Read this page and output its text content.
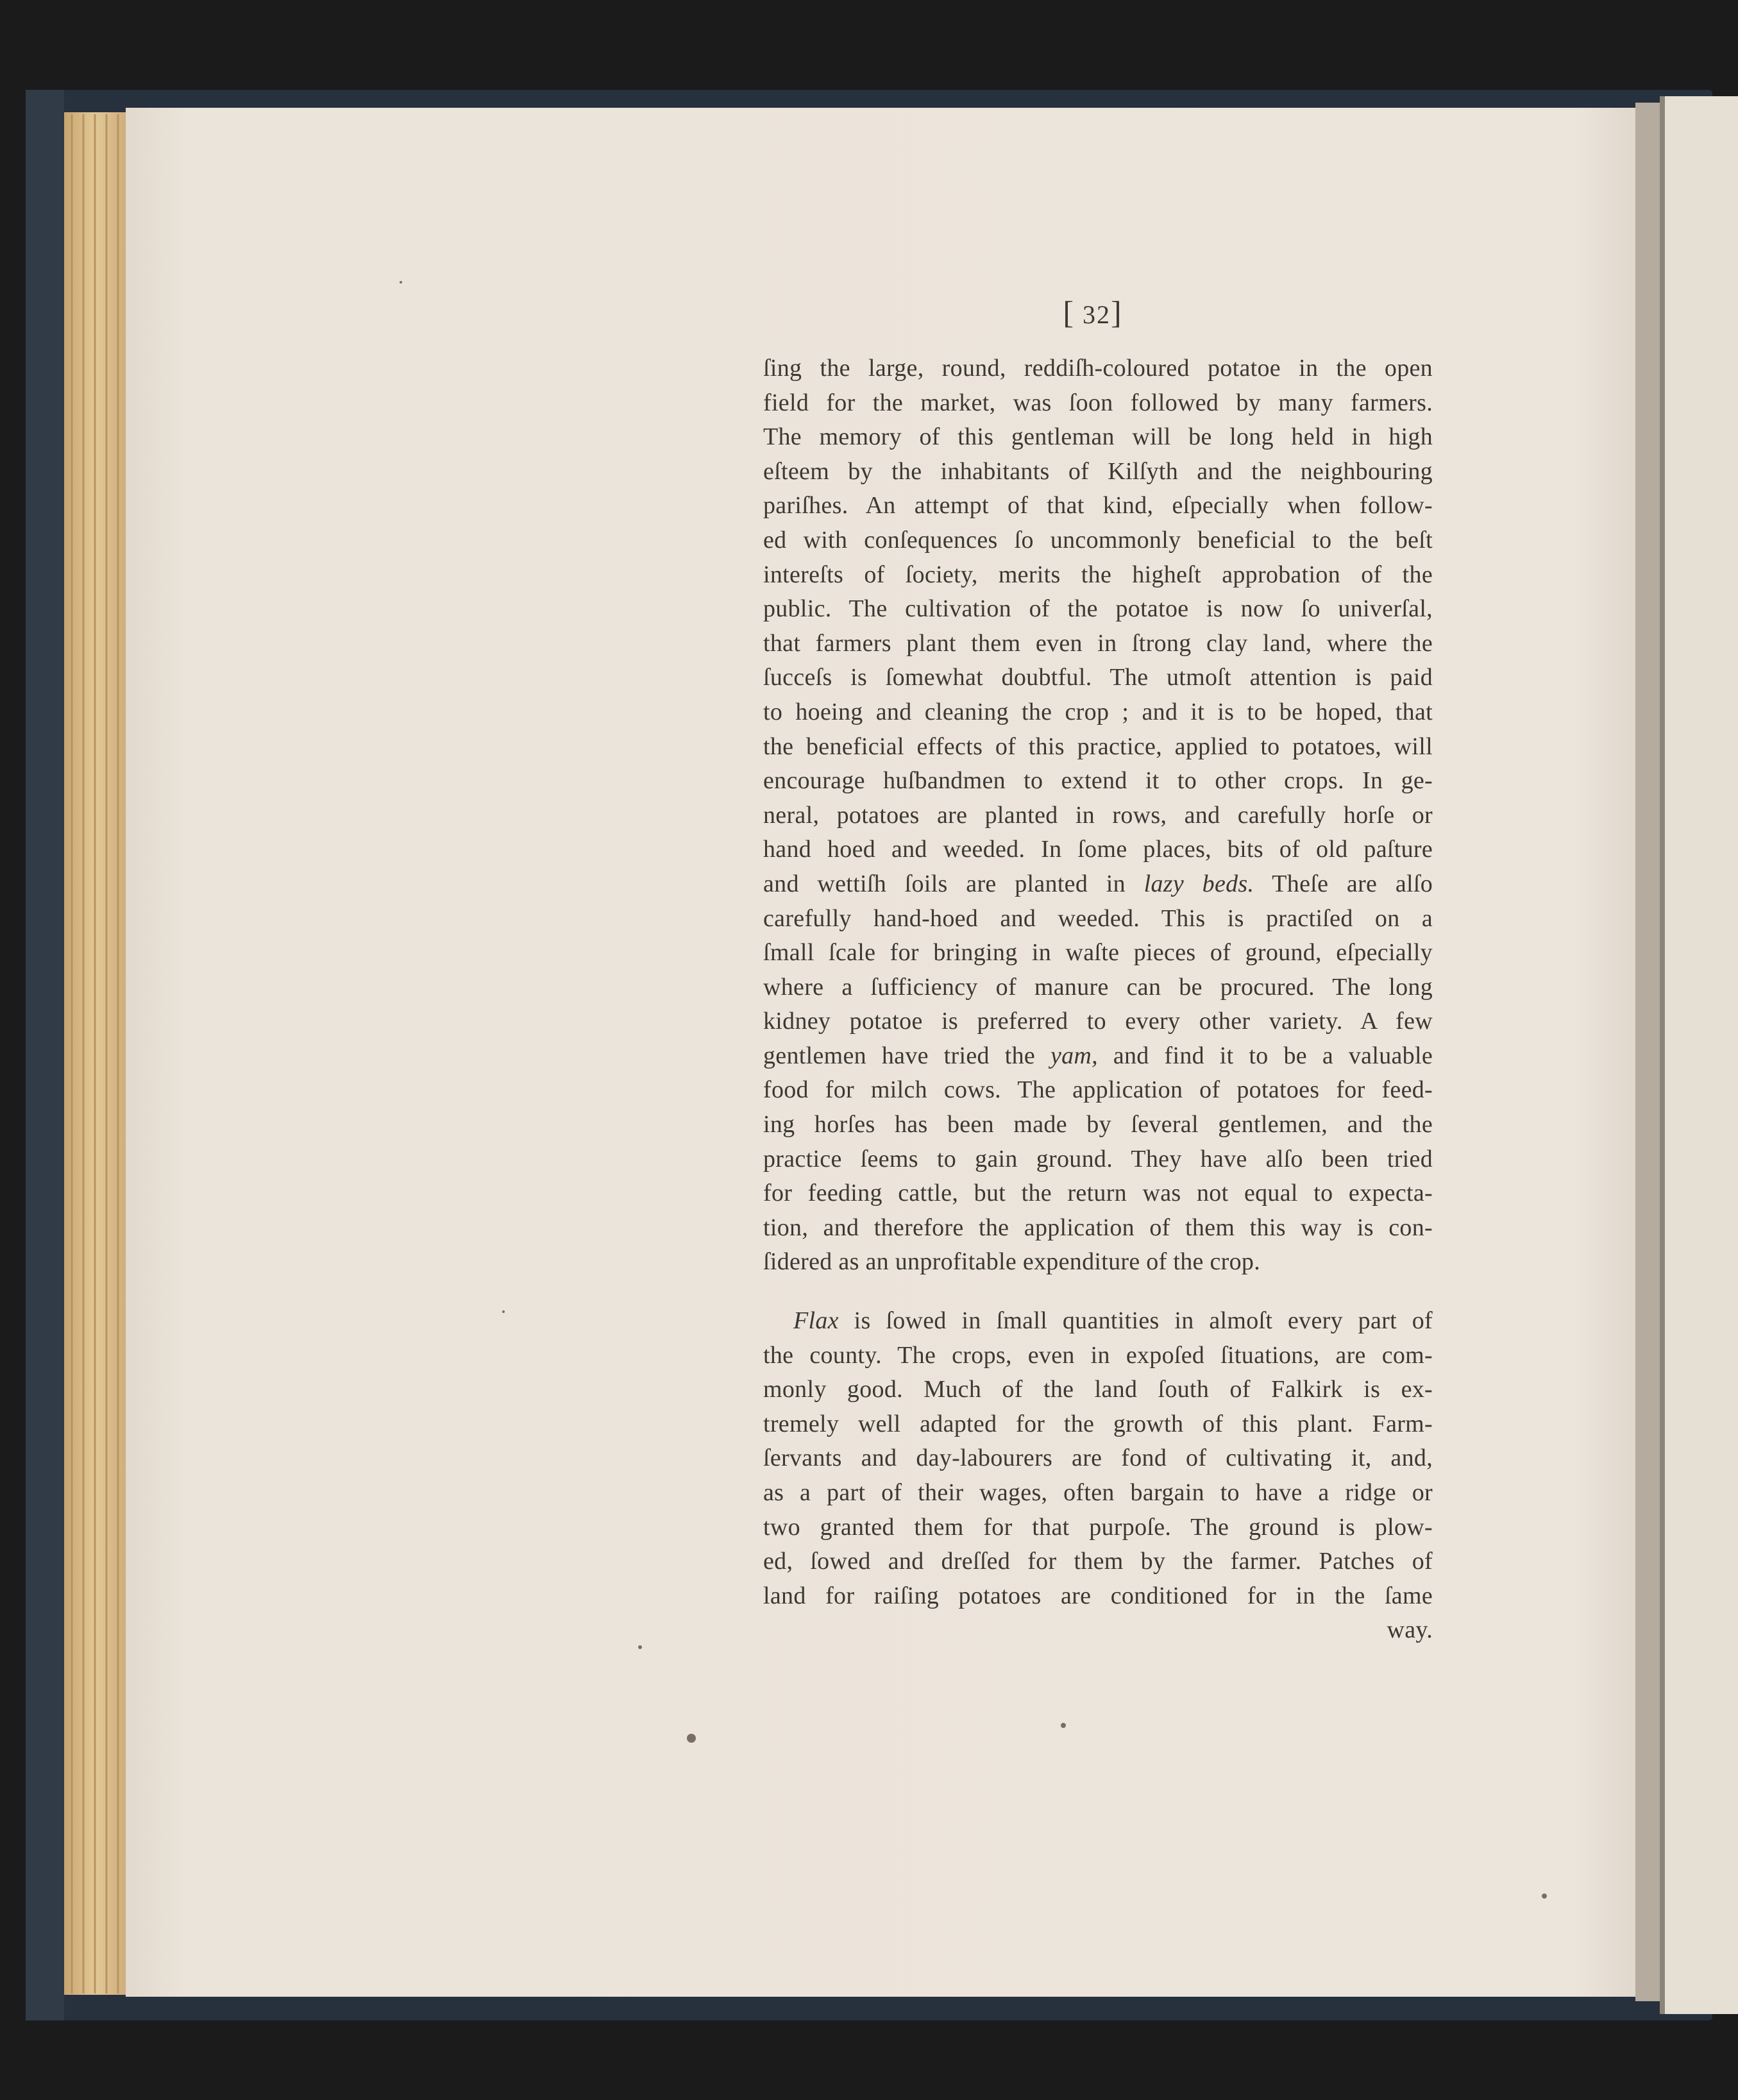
[32]
ſing the large, round, reddiſh-coloured potatoe in the open
field for the market, was ſoon followed by many farmers.
The memory of this gentleman will be long held in high
eſteem by the inhabitants of Kilſyth and the neighbouring
pariſhes. An attempt of that kind, eſpecially when follow-
ed with conſequences ſo uncommonly beneficial to the beſt
intereſts of ſociety, merits the higheſt approbation of the
public. The cultivation of the potatoe is now ſo univerſal,
that farmers plant them even in ſtrong clay land, where the
ſucceſs is ſomewhat doubtful. The utmoſt attention is paid
to hoeing and cleaning the crop ; and it is to be hoped, that
the beneficial effects of this practice, applied to potatoes, will
encourage huſbandmen to extend it to other crops. In ge-
neral, potatoes are planted in rows, and carefully horſe or
hand hoed and weeded. In ſome places, bits of old paſture
and wettiſh ſoils are planted in lazy beds. Theſe are alſo
carefully hand-hoed and weeded. This is practiſed on a
ſmall ſcale for bringing in waſte pieces of ground, eſpecially
where a ſufficiency of manure can be procured. The long
kidney potatoe is preferred to every other variety. A few
gentlemen have tried the yam, and find it to be a valuable
food for milch cows. The application of potatoes for feed-
ing horſes has been made by ſeveral gentlemen, and the
practice ſeems to gain ground. They have alſo been tried
for feeding cattle, but the return was not equal to expecta-
tion, and therefore the application of them this way is con-
ſidered as an unprofitable expenditure of the crop.
Flax is ſowed in ſmall quantities in almoſt every part of
the county. The crops, even in expoſed ſituations, are com-
monly good. Much of the land ſouth of Falkirk is ex-
tremely well adapted for the growth of this plant. Farm-
ſervants and day-labourers are fond of cultivating it, and,
as a part of their wages, often bargain to have a ridge or
two granted them for that purpoſe. The ground is plow-
ed, ſowed and dreſſed for them by the farmer. Patches of
land for raiſing potatoes are conditioned for in the ſame
way.
